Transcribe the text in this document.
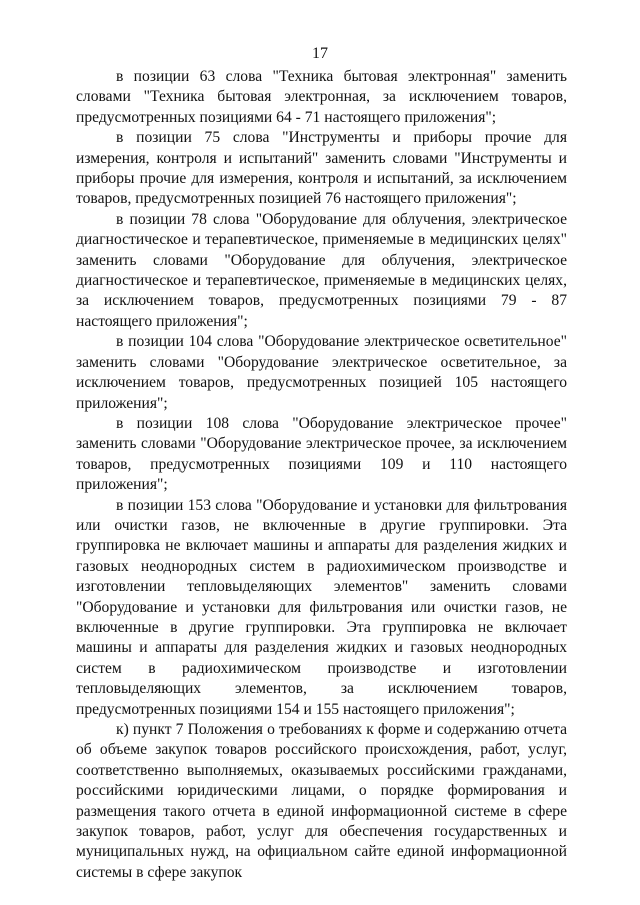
17

в позиции 63 слова "Техника бытовая электронная" заменить словами "Техника бытовая электронная, за исключением товаров, предусмотренных позициями 64 - 71 настоящего приложения";

в позиции 75 слова "Инструменты и приборы прочие для измерения, контроля и испытаний" заменить словами "Инструменты и приборы прочие для измерения, контроля и испытаний, за исключением товаров, предусмотренных позицией 76 настоящего приложения";

в позиции 78 слова "Оборудование для облучения, электрическое диагностическое и терапевтическое, применяемые в медицинских целях" заменить словами "Оборудование для облучения, электрическое диагностическое и терапевтическое, применяемые в медицинских целях, за исключением товаров, предусмотренных позициями 79 - 87 настоящего приложения";

в позиции 104 слова "Оборудование электрическое осветительное" заменить словами "Оборудование электрическое осветительное, за исключением товаров, предусмотренных позицией 105 настоящего приложения";

в позиции 108 слова "Оборудование электрическое прочее" заменить словами "Оборудование электрическое прочее, за исключением товаров, предусмотренных позициями 109 и 110 настоящего приложения";

в позиции 153 слова "Оборудование и установки для фильтрования или очистки газов, не включенные в другие группировки. Эта группировка не включает машины и аппараты для разделения жидких и газовых неоднородных систем в радиохимическом производстве и изготовлении тепловыделяющих элементов" заменить словами "Оборудование и установки для фильтрования или очистки газов, не включенные в другие группировки. Эта группировка не включает машины и аппараты для разделения жидких и газовых неоднородных систем в радиохимическом производстве и изготовлении тепловыделяющих элементов, за исключением товаров, предусмотренных позициями 154 и 155 настоящего приложения";

к) пункт 7 Положения о требованиях к форме и содержанию отчета об объеме закупок товаров российского происхождения, работ, услуг, соответственно выполняемых, оказываемых российскими гражданами, российскими юридическими лицами, о порядке формирования и размещения такого отчета в единой информационной системе в сфере закупок товаров, работ, услуг для обеспечения государственных и муниципальных нужд, на официальном сайте единой информационной системы в сфере закупок
